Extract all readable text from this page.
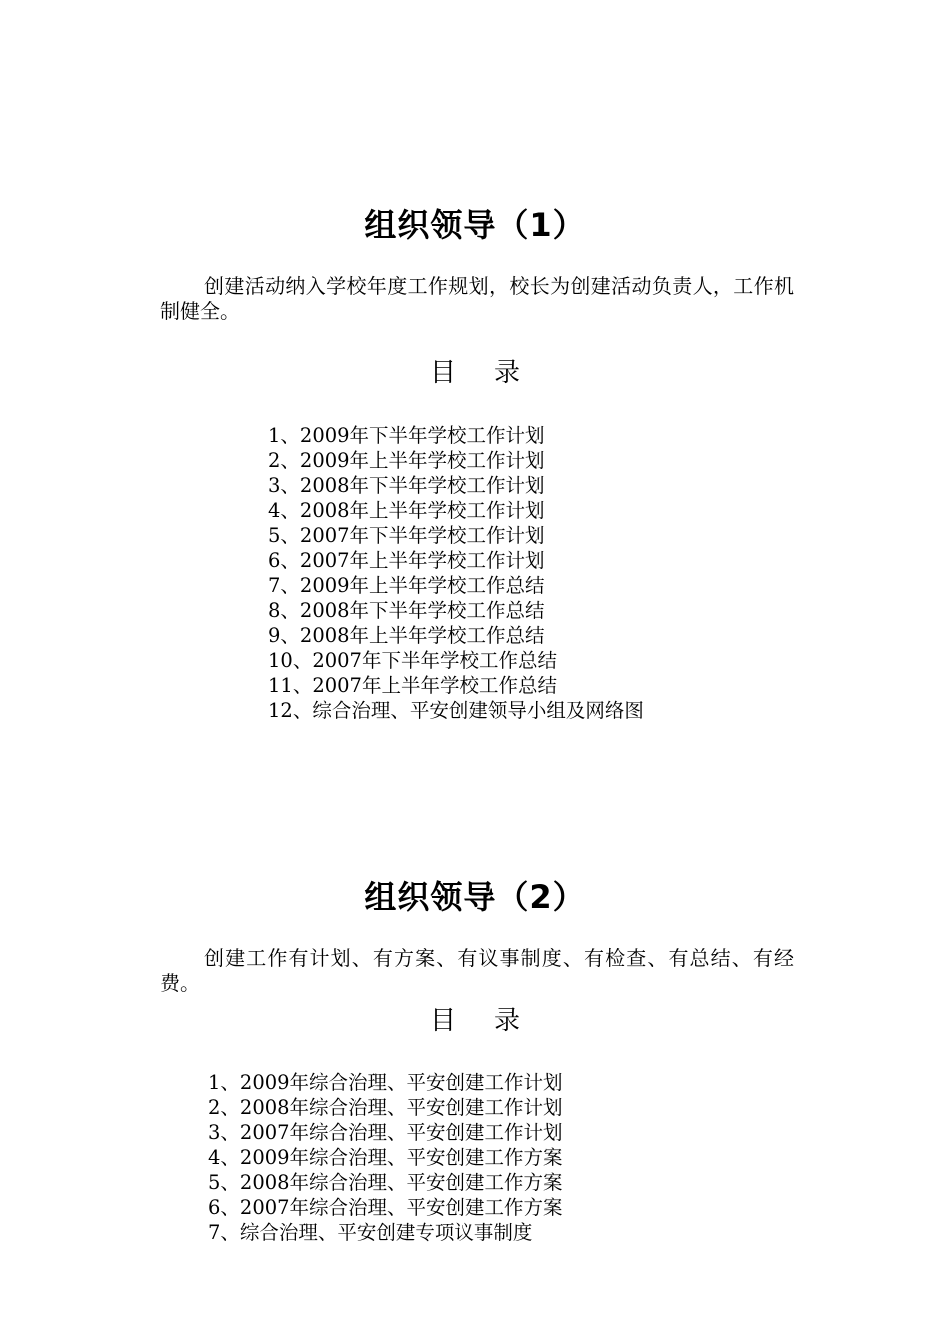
组织领导（1）

创建活动纳入学校年度工作规划，校长为创建活动负责人，工作机制健全。

目 录
1、2009年下半年学校工作计划
2、2009年上半年学校工作计划
3、2008年下半年学校工作计划
4、2008年上半年学校工作计划
5、2007年下半年学校工作计划
6、2007年上半年学校工作计划
7、2009年上半年学校工作总结
8、2008年下半年学校工作总结
9、2008年上半年学校工作总结
10、2007年下半年学校工作总结
11、2007年上半年学校工作总结
12、综合治理、平安创建领导小组及网络图
组织领导（2）

创建工作有计划、有方案、有议事制度、有检查、有总结、有经费。

目 录
1、2009年综合治理、平安创建工作计划
2、2008年综合治理、平安创建工作计划
3、2007年综合治理、平安创建工作计划
4、2009年综合治理、平安创建工作方案
5、2008年综合治理、平安创建工作方案
6、2007年综合治理、平安创建工作方案
7、综合治理、平安创建专项议事制度
